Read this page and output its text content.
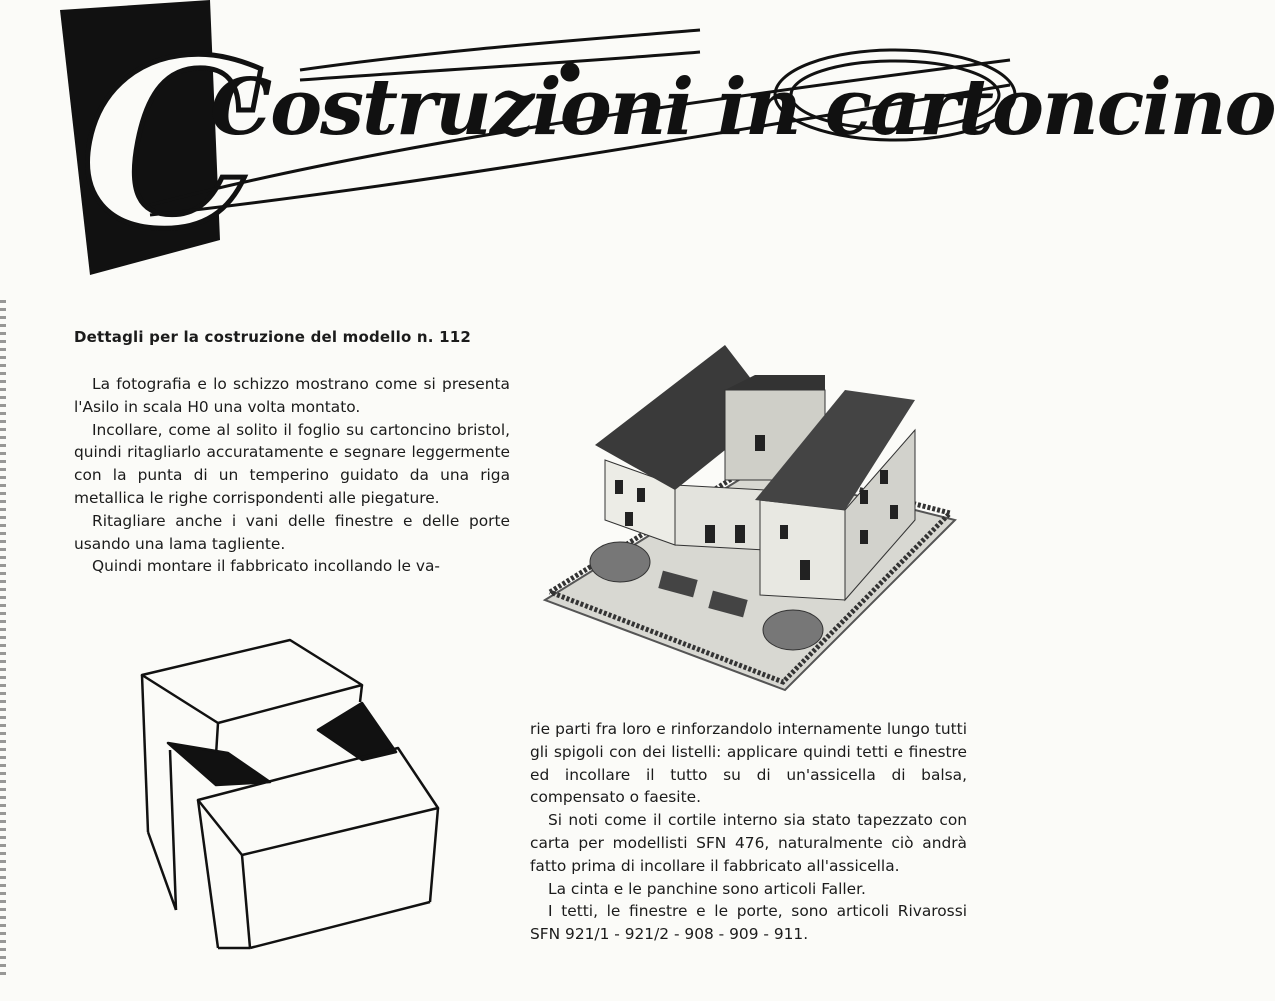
C
Costruzioni in cartoncino
Dettagli per la costruzione del modello n. 112

La fotografia e lo schizzo mostrano come si presenta l'Asilo in scala H0 una volta montato.

Incollare, come al solito il foglio su cartoncino bristol, quindi ritagliarlo accuratamente e segnare leggermente con la punta di un temperino guidato da una riga metallica le righe corrispondenti alle piegature.

Ritagliare anche i vani delle finestre e delle porte usando una lama tagliente.

Quindi montare il fabbricato incollando le va-

rie parti fra loro e rinforzandolo internamente lungo tutti gli spigoli con dei listelli: applicare quindi tetti e finestre ed incollare il tutto su di un'assicella di balsa, compensato o faesite.

Si noti come il cortile interno sia stato tapezzato con carta per modellisti SFN 476, naturalmente ciò andrà fatto prima di incollare il fabbricato all'assicella.

La cinta e le panchine sono articoli Faller.

I tetti, le finestre e le porte, sono articoli Rivarossi SFN 921/1 - 921/2 - 908 - 909 - 911.
